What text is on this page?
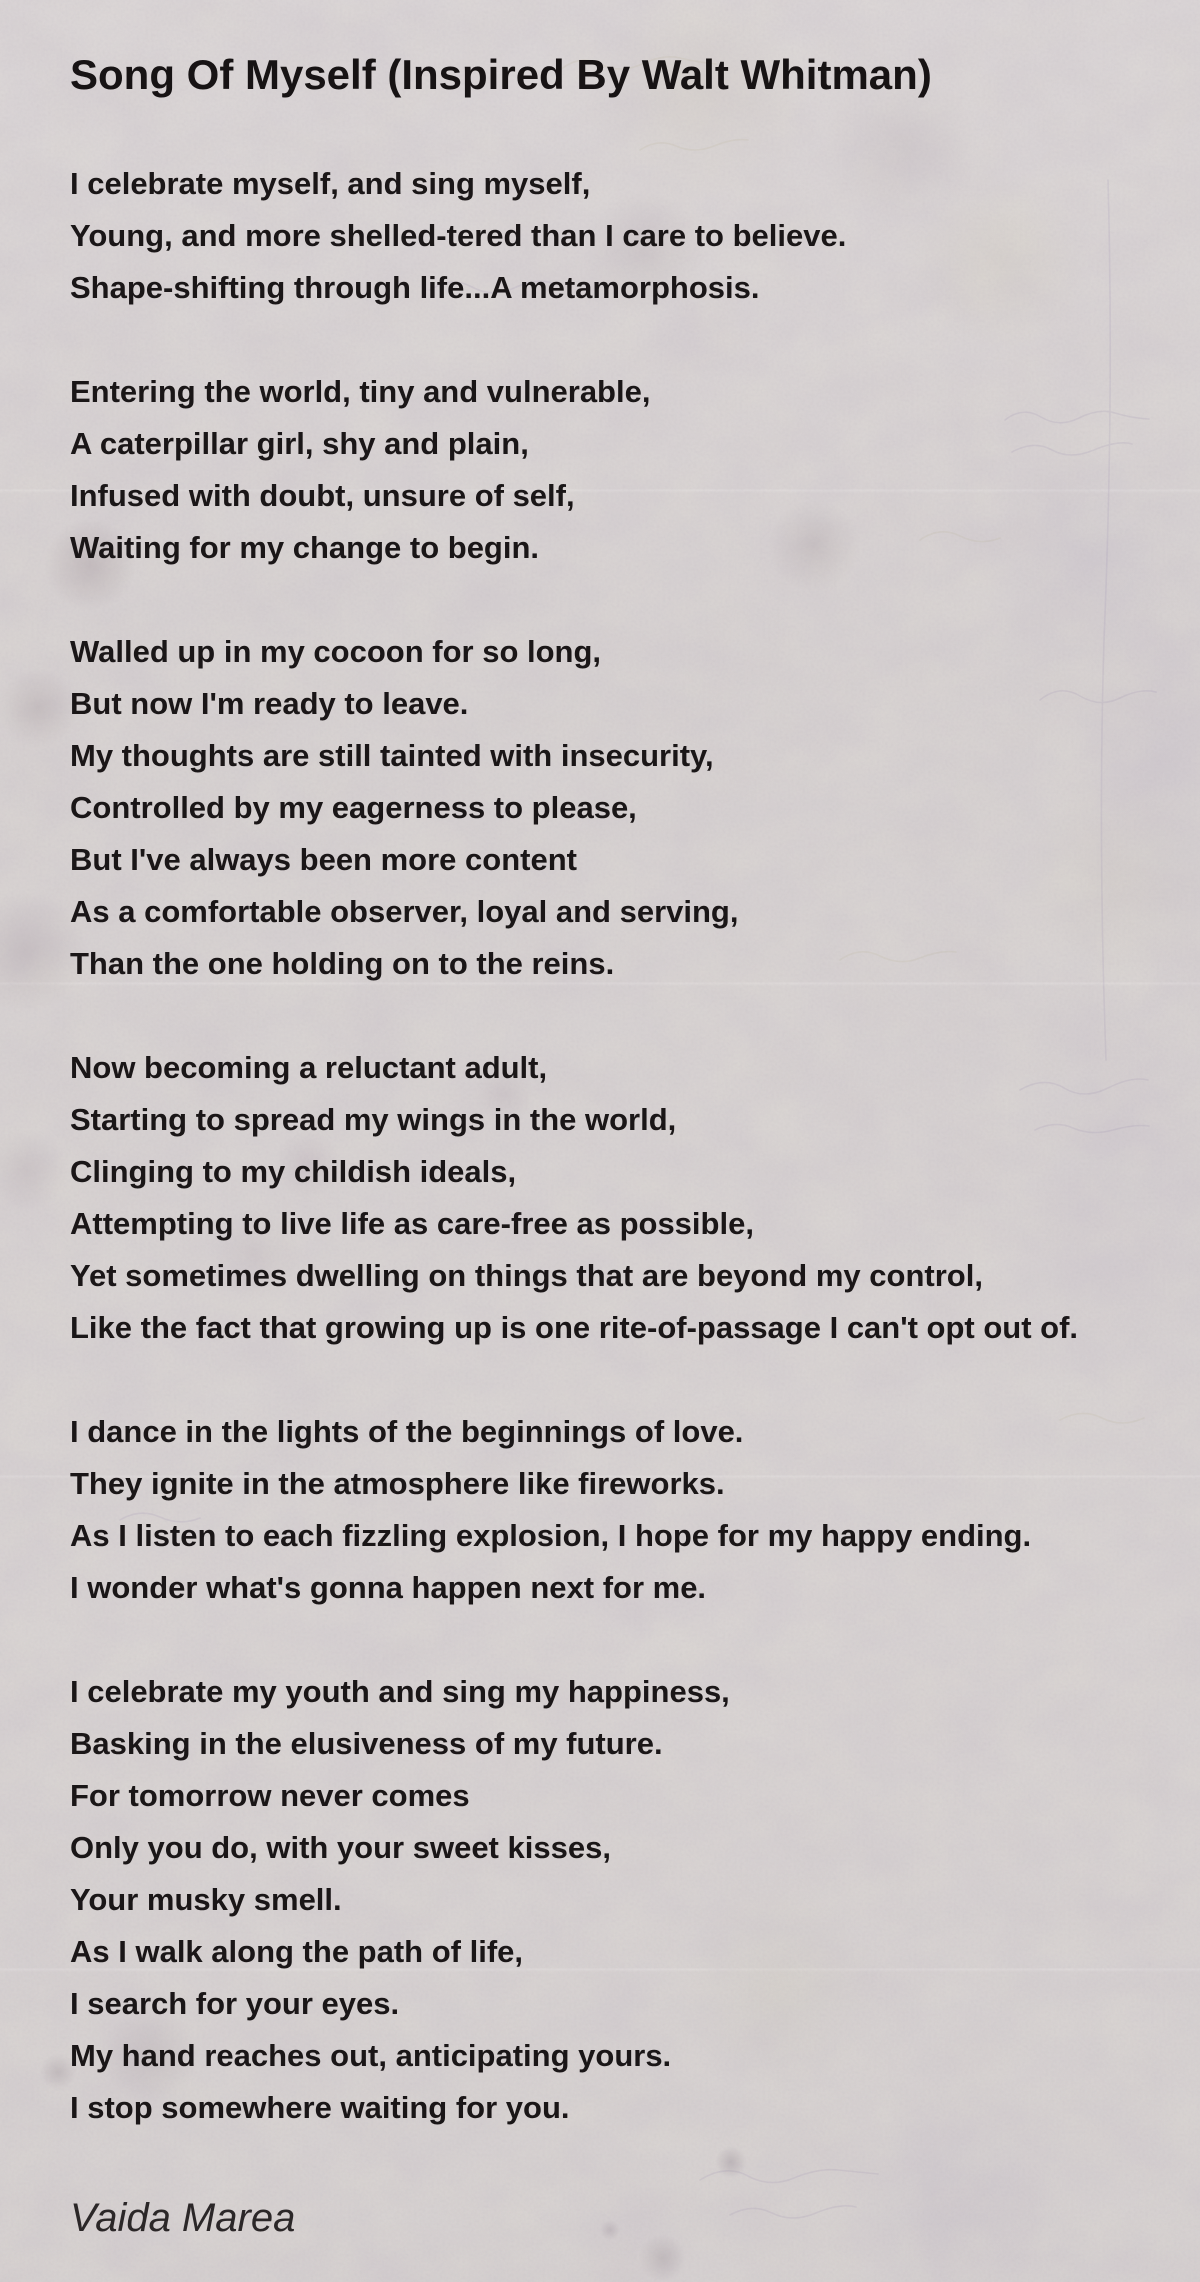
Song Of Myself (Inspired By Walt Whitman)

I celebrate myself, and sing myself,

Young, and more shelled-tered than I care to believe.

Shape-shifting through life...A metamorphosis.

Entering the world, tiny and vulnerable,

A caterpillar girl, shy and plain,

Infused with doubt, unsure of self,

Waiting for my change to begin.

Walled up in my cocoon for so long,

But now I'm ready to leave.

My thoughts are still tainted with insecurity,

Controlled by my eagerness to please,

But I've always been more content

As a comfortable observer, loyal and serving,

Than the one holding on to the reins.

Now becoming a reluctant adult,

Starting to spread my wings in the world,

Clinging to my childish ideals,

Attempting to live life as care-free as possible,

Yet sometimes dwelling on things that are beyond my control,

Like the fact that growing up is one rite-of-passage I can't opt out of.

I dance in the lights of the beginnings of love.

They ignite in the atmosphere like fireworks.

As I listen to each fizzling explosion, I hope for my happy ending.

I wonder what's gonna happen next for me.

I celebrate my youth and sing my happiness,

Basking in the elusiveness of my future.

For tomorrow never comes

Only you do, with your sweet kisses,

Your musky smell.

As I walk along the path of life,

I search for your eyes.

My hand reaches out, anticipating yours.

I stop somewhere waiting for you.

Vaida Marea
